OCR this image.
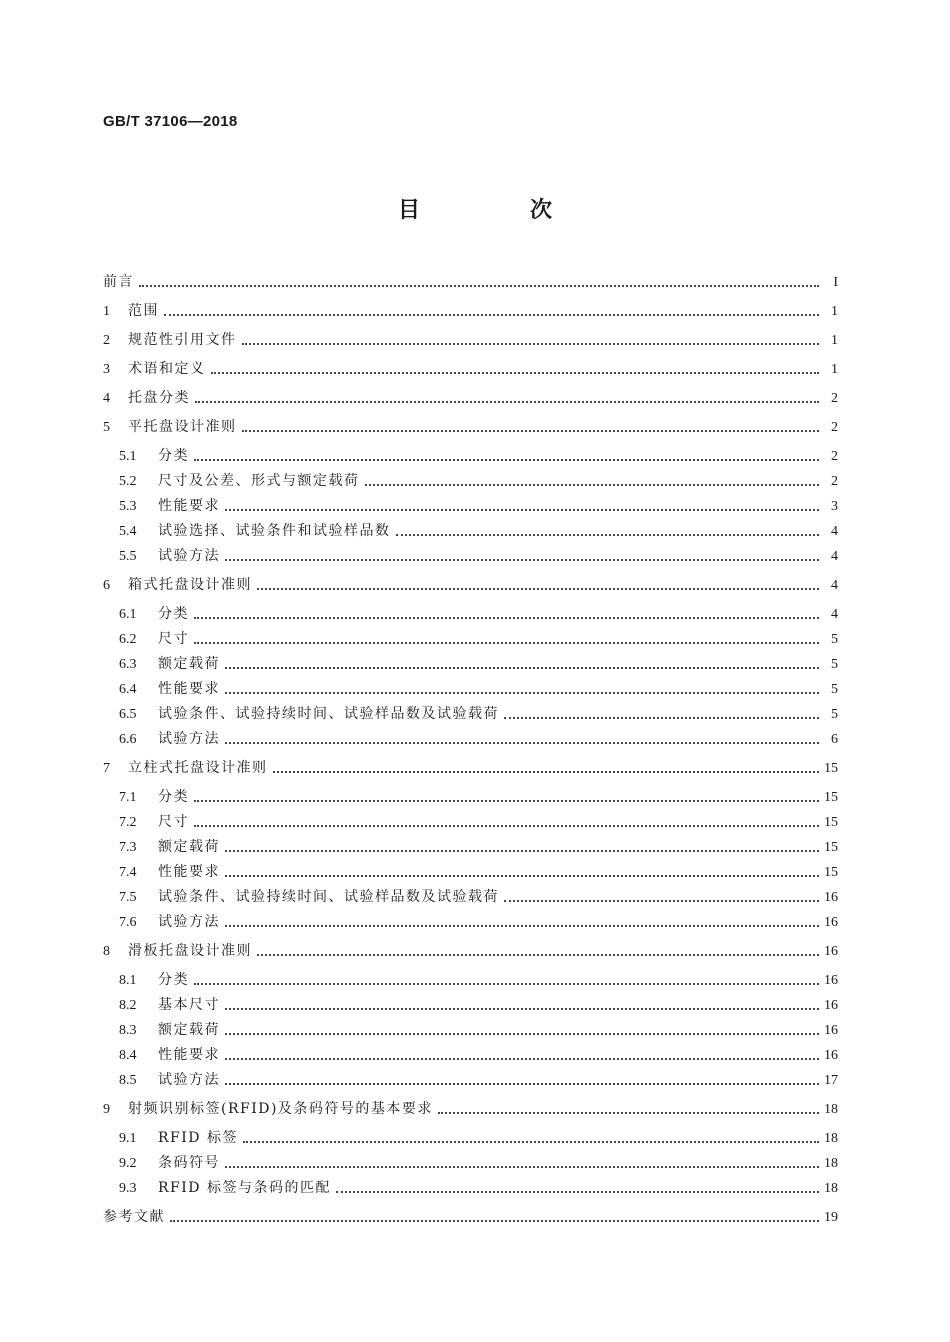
GB/T 37106—2018
目　次
前言	I
1	范围	1
2	规范性引用文件	1
3	术语和定义	1
4	托盘分类	2
5	平托盘设计准则	2
5.1	分类	2
5.2	尺寸及公差、形式与额定载荷	2
5.3	性能要求	3
5.4	试验选择、试验条件和试验样品数	4
5.5	试验方法	4
6	箱式托盘设计准则	4
6.1	分类	4
6.2	尺寸	5
6.3	额定载荷	5
6.4	性能要求	5
6.5	试验条件、试验持续时间、试验样品数及试验载荷	5
6.6	试验方法	6
7	立柱式托盘设计准则	15
7.1	分类	15
7.2	尺寸	15
7.3	额定载荷	15
7.4	性能要求	15
7.5	试验条件、试验持续时间、试验样品数及试验载荷	16
7.6	试验方法	16
8	滑板托盘设计准则	16
8.1	分类	16
8.2	基本尺寸	16
8.3	额定载荷	16
8.4	性能要求	16
8.5	试验方法	17
9	射频识别标签(RFID)及条码符号的基本要求	18
9.1	RFID 标签	18
9.2	条码符号	18
9.3	RFID 标签与条码的匹配	18
参考文献	19
